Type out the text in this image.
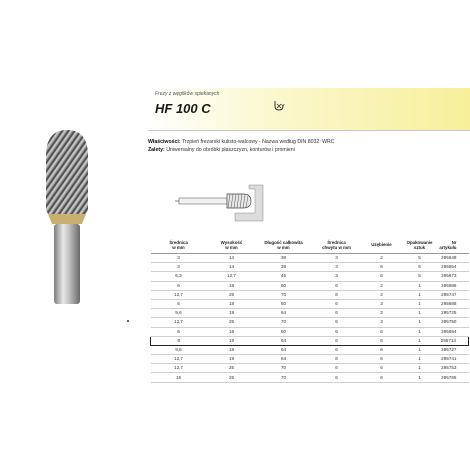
Frezy z węglików spiekanych
HF 100 C
Właściwości: Trzpień frezarski kulisto-walcowy - Nazwa według DIN 8032: WRC
Zalety: Uniwersalny do obróbki płaszczyzn, konturów i promieni
Średnica
w mm	Wysokość
w mm	Długość całkowita
w mm	Średnica
chwytu w mm	Uzębienie	Opakowanie
sztuk	Nr
artykułu
3	14	38	3	2	5	295649
3	14	38	3	6	5	295654
6,3	12,7	45	3	6	5	295673
6	18	50	6	2	1	295686
12,7	25	70	6	2	1	295747
6	18	50	6	3	1	295688
9,6	19	64	6	3	1	295725
12,7	25	70	6	3	1	295750
6	18	50	6	6	1	295694
8	19	64	6	6	1	295713
9,6	19	64	6	6	1	295727
12,7	19	64	6	6	1	295741
12,7	25	70	6	6	1	295753
16	25	70	6	6	1	295765
